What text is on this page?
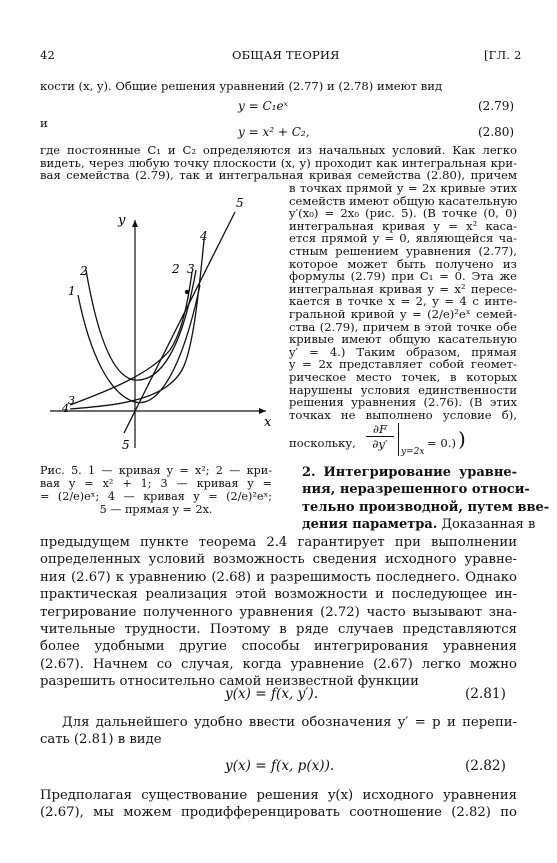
42	ОБЩАЯ ТЕОРИЯ	[ГЛ. 2
кости (x, y). Общие решения уравнений (2.77) и (2.78) имеют вид
y = C₁eˣ	(2.79)
и
y = x² + C₂,	(2.80)
где постоянные C₁ и C₂ определяются из начальных условий. Как легко
видеть, через любую точку плоскости (x, y) проходит как интегральная кри-
вая семейства (2.79), так и интегральная кривая семейства (2.80), причем
в точках прямой y = 2x кривые этих
семейств имеют общую касательную
y′(x₀) = 2x₀ (рис. 5). (В точке (0, 0)
интегральная кривая y = x² каса-
ется прямой y = 0, являющейся ча-
стным решением уравнения (2.77),
которое может быть получено из
формулы (2.79) при C₁ = 0. Эта же
интегральная кривая y = x² пересе-
кается в точке x = 2, y = 4 с инте-
гральной кривой y = (2/e)²eˣ семей-
ства (2.79), причем в этой точке обе
кривые имеют общую касательную
y′ = 4.) Таким образом, прямая
y = 2x представляет собой геомет-
рическое место точек, в которых
нарушены условия единственности
решения уравнения (2.76). (В этих
точках не выполнено условие б),
поскольку, $\frac{\partial F}{\partial y'}$
y=2x
= 0.) )
x
y
1
2	3
4
5
2
3
4
5
Рис. 5. 1 — кривая y = x²; 2 — кри-
вая y = x² + 1; 3 — кривая y =
= (2/e)eˣ; 4 — кривая y = (2/e)²eˣ;
5 — прямая y = 2x.
2. Интегрирование уравне-
ния, неразрешенного относи-
тельно производной, путем вве-
дения параметра. Доказанная в
предыдущем пункте теорема 2.4 гарантирует при выполнении
определенных условий возможность сведения исходного уравне-
ния (2.67) к уравнению (2.68) и разрешимость последнего. Однако
практическая реализация этой возможности и последующее ин-
тегрирование полученного уравнения (2.72) часто вызывают зна-
чительные трудности. Поэтому в ряде случаев представляются
более удобными другие способы интегрирования уравнения
(2.67). Начнем со случая, когда уравнение (2.67) легко можно
разрешить относительно самой неизвестной функции
y(x) = f(x, y′).	(2.81)
Для дальнейшего удобно ввести обозначения y′ = p и перепи-
сать (2.81) в виде
y(x) = f(x, p(x)).	(2.82)
Предполагая существование решения y(x) исходного уравнения
(2.67), мы можем продифференцировать соотношение (2.82) по
